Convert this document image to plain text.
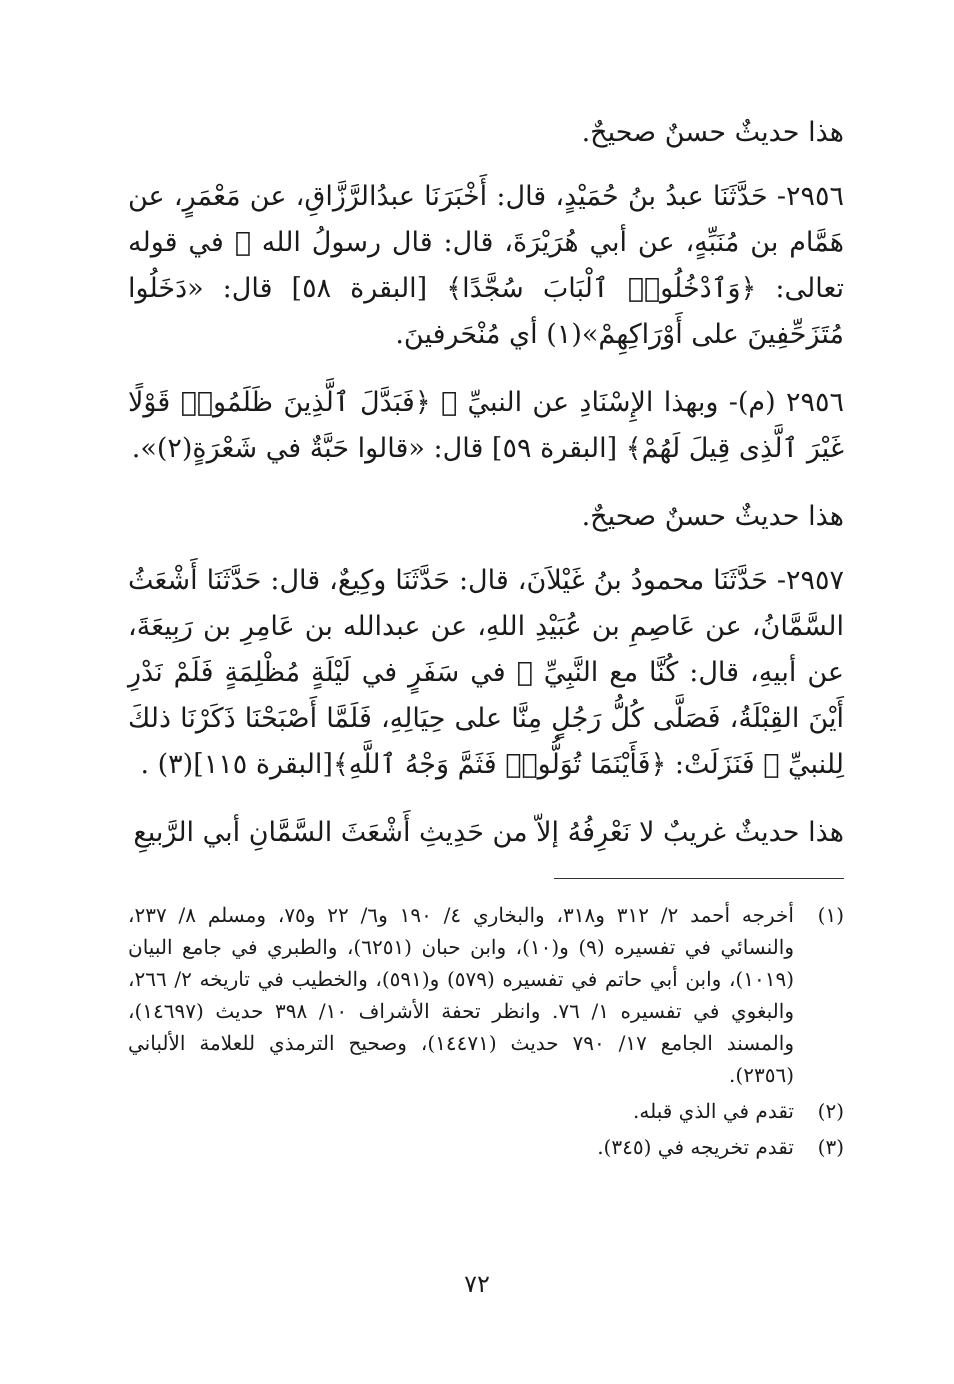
هذا حديثٌ حسنٌ صحيحٌ.

٢٩٥٦- حَدَّثَنَا عبدُ بنُ حُمَيْدٍ، قال: أَخْبَرَنَا عبدُالرَّزَّاقِ، عن مَعْمَرٍ، عن هَمَّام بن مُنَبِّهٍ، عن أبي هُرَيْرَةَ، قال: قال رسولُ الله ﷺ في قوله تعالى: ﴿وَٱدْخُلُوا۟ ٱلْبَابَ سُجَّدًا﴾ [البقرة ٥٨] قال: «دَخَلُوا مُتَزَحِّفِينَ على أَوْرَاكِهِمْ»(١) أي مُنْحَرفينَ.

٢٩٥٦ (م)- وبهذا الإِسْنَادِ عن النبيِّ ﷺ ﴿فَبَدَّلَ ٱلَّذِينَ ظَلَمُوا۟ قَوْلًا غَيْرَ ٱلَّذِى قِيلَ لَهُمْ﴾ [البقرة ٥٩] قال: «قالوا حَبَّةٌ في شَعْرَةٍ(٢)».

هذا حديثٌ حسنٌ صحيحٌ.

٢٩٥٧- حَدَّثَنَا محمودُ بنُ غَيْلاَنَ، قال: حَدَّثَنَا وكِيعٌ، قال: حَدَّثَنَا أَشْعَثُ السَّمَّانُ، عن عَاصِمِ بن عُبَيْدِ اللهِ، عن عبدالله بن عَامِرِ بن رَبِيعَةَ، عن أبيهِ، قال: كُنَّا مع النَّبِيِّ ﷺ في سَفَرٍ في لَيْلَةٍ مُظْلِمَةٍ فَلَمْ نَدْرِ أَيْنَ القِبْلَةُ، فَصَلَّى كُلُّ رَجُلٍ مِنَّا على حِيَالِهِ، فَلَمَّا أَصْبَحْنَا ذَكَرْنَا ذلكَ لِلنبيِّ ﷺ فَنَزَلَتْ: ﴿فَأَيْنَمَا تُوَلُّوا۟ فَثَمَّ وَجْهُ ٱللَّهِ﴾[البقرة ١١٥](٣) .

هذا حديثٌ غريبٌ لا نَعْرِفُهُ إلاّ من حَدِيثِ أَشْعَثَ السَّمَّانِ أبي الرَّبيعِ

(١)
أخرجه أحمد ٢/ ٣١٢ و٣١٨، والبخاري ٤/ ١٩٠ و٦/ ٢٢ و٧٥، ومسلم ٨/ ٢٣٧، والنسائي في تفسيره (٩) و(١٠)، وابن حبان (٦٢٥١)، والطبري في جامع البيان (١٠١٩)، وابن أبي حاتم في تفسيره (٥٧٩) و(٥٩١)، والخطيب في تاريخه ٢/ ٢٦٦، والبغوي في تفسيره ١/ ٧٦. وانظر تحفة الأشراف ١٠/ ٣٩٨ حديث (١٤٦٩٧)، والمسند الجامع ١٧/ ٧٩٠ حديث (١٤٤٧١)، وصحيح الترمذي للعلامة الألباني (٢٣٥٦).
(٢)
تقدم في الذي قبله.
(٣)
تقدم تخريجه في (٣٤٥).
٧٢
